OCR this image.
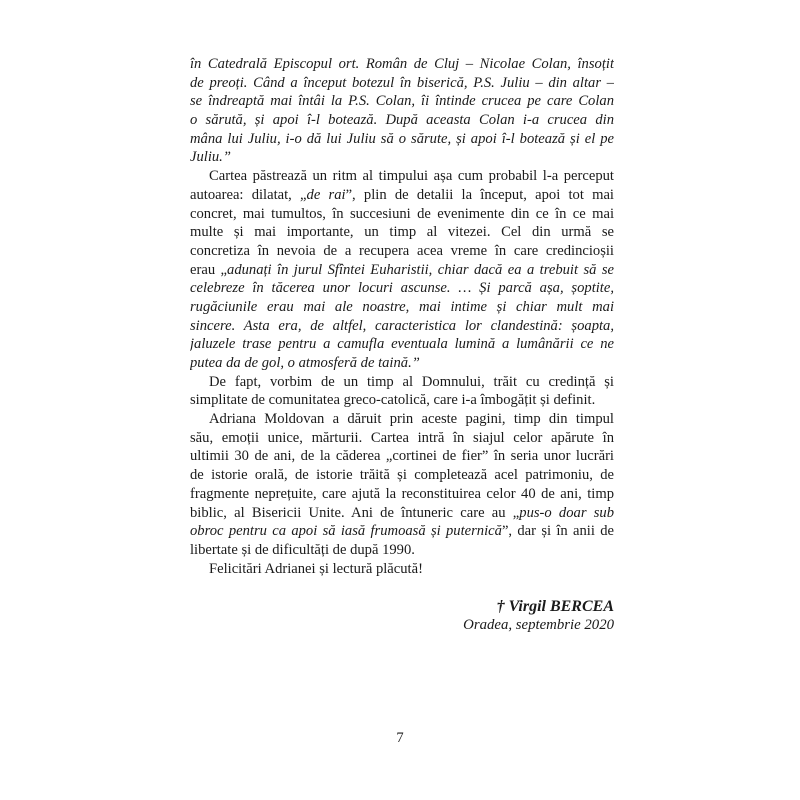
în Catedrală Episcopul ort. Român de Cluj – Nicolae Colan, însoțit
de preoți. Când a început botezul în biserică, P.S. Juliu – din altar –
se îndreaptă mai întâi la P.S. Colan, îi întinde crucea pe care Colan
o sărută, și apoi î-l botează. După aceasta Colan i-a crucea din
mâna lui Juliu, i-o dă lui Juliu să o sărute, și apoi î-l botează și el pe
Juliu.”
Cartea păstrează un ritm al timpului așa cum probabil l-a perceput
autoarea: dilatat, „de rai”, plin de detalii la început, apoi tot mai
concret, mai tumultos, în succesiuni de evenimente din ce în ce mai
multe și mai importante, un timp al vitezei. Cel din urmă se
concretiza în nevoia de a recupera acea vreme în care credincioșii
erau „adunați în jurul Sfîntei Euharistii, chiar dacă ea a trebuit să se
celebreze în tăcerea unor locuri ascunse. … Și parcă așa, șoptite,
rugăciunile erau mai ale noastre, mai intime și chiar mult mai
sincere. Asta era, de altfel, caracteristica lor clandestină: șoapta,
jaluzele trase pentru a camufla eventuala lumină a lumânării ce ne
putea da de gol, o atmosferă de taină.”
De fapt, vorbim de un timp al Domnului, trăit cu credință și
simplitate de comunitatea greco-catolică, care i-a îmbogățit și definit.
Adriana Moldovan a dăruit prin aceste pagini, timp din timpul
său, emoții unice, mărturii. Cartea intră în siajul celor apărute în
ultimii 30 de ani, de la căderea „cortinei de fier” în seria unor lucrări
de istorie orală, de istorie trăită și completează acel patrimoniu, de
fragmente neprețuite, care ajută la reconstituirea celor 40 de ani, timp
biblic, al Bisericii Unite. Ani de întuneric care au „pus-o doar sub
obroc pentru ca apoi să iasă frumoasă și puternică”, dar și în anii de
libertate și de dificultăți de după 1990.
Felicitări Adrianei și lectură plăcută!
† Virgil BERCEA
Oradea, septembrie 2020
7
